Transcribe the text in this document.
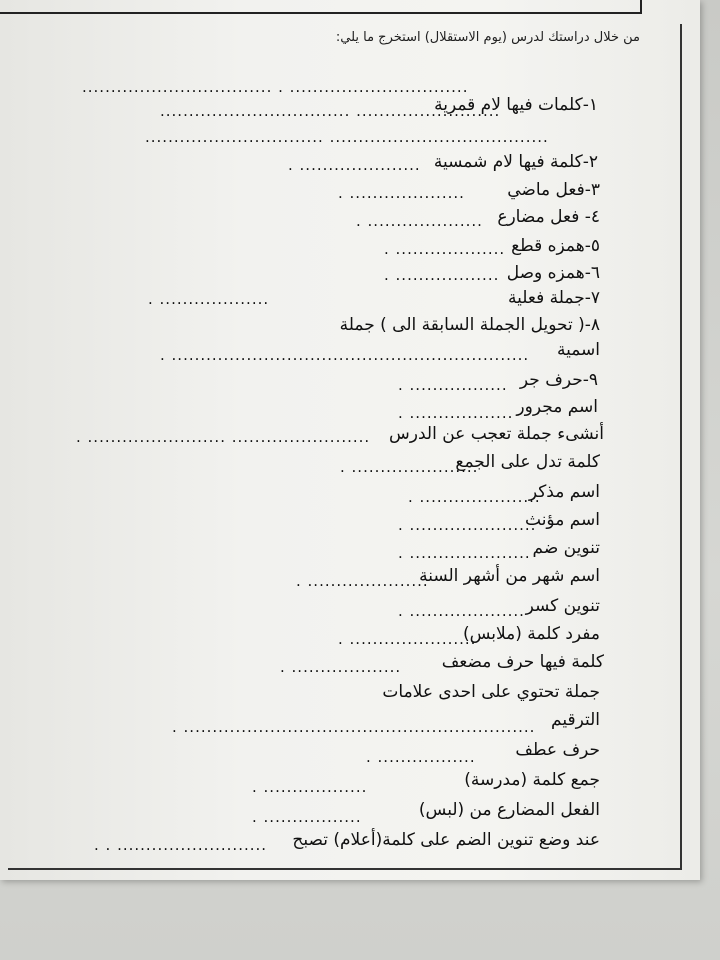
من خلال دراستك لدرس (يوم الاستقلال) استخرج ما يلي:
١-كلمات فيها لام قمرية
٢-كلمة فيها لام شمسية
٣-فعل ماضي
٤- فعل مضارع
٥-همزه قطع
٦-همزه وصل
٧-جملة فعلية
٨-( تحويل الجملة السابقة الى ) جملة
اسمية
٩-حرف جر
اسم مجرور
أنشىء جملة تعجب عن الدرس
كلمة تدل على الجمع
اسم مذكر
اسم مؤنث
تنوين ضم
اسم شهر من أشهر السنة
تنوين كسر
مفرد كلمة (ملابس)
كلمة فيها حرف مضعف
جملة تحتوي على احدى علامات
الترقيم
حرف عطف
جمع كلمة (مدرسة)
الفعل المضارع من (لبس)
عند وضع تنوين الضم على كلمة(أعلام) تصبح
................................. . ...............................
................................. .........................
............................... ......................................
. .....................
. ....................
. ....................
. ...................
. ..................
. ...................
. ..............................................................
. .................
. ..................
. ........................ ........................
. ......................
. .....................
. ......................
. .....................
. .....................
. ....................
. ......................
. ...................
. .............................................................
. .................
. ..................
. .................
. . ..........................
